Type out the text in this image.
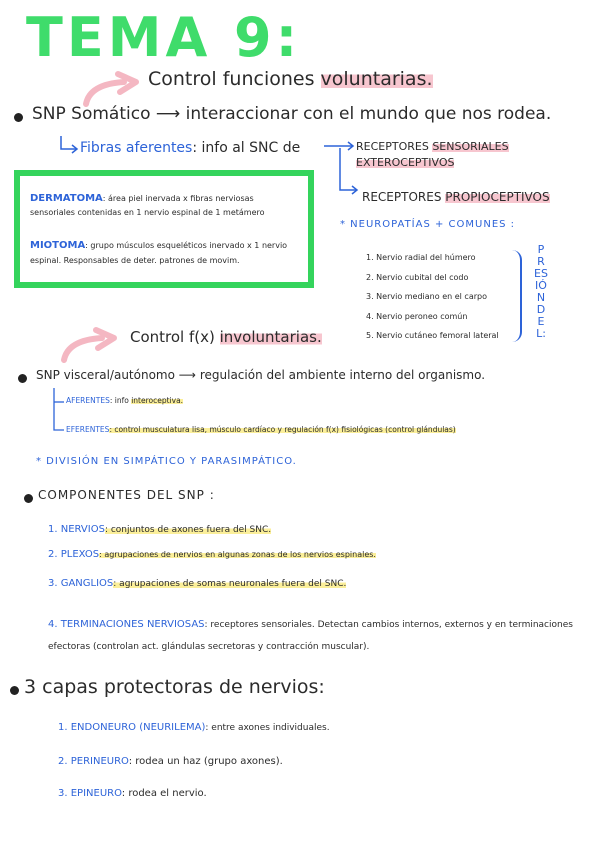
TEMA 9:
Control funciones voluntarias.
SNP Somático ⟶ interaccionar con el mundo que nos rodea.
Fibras aferentes: info al SNC de	RECEPTORES SENSORIALES
EXTEROCEPTIVOS
RECEPTORES PROPIOCEPTIVOS
DERMATOMA: área piel inervada x fibras nerviosas sensoriales contenidas en 1 nervio espinal de 1 metámero
MIOTOMA: grupo músculos esqueléticos inervado x 1 nervio espinal. Responsables de deter. patrones de movim.
* NEUROPATÍAS + COMUNES :
1. Nervio radial del húmero
2. Nervio cubital del codo
3. Nervio mediano en el carpo
4. Nervio peroneo común
5. Nervio cutáneo femoral lateral
PRESIÓN DEL:
Control f(x) involuntarias.
SNP visceral/autónomo ⟶ regulación del ambiente interno del organismo.
AFERENTES: info interoceptiva.
EFERENTES: control musculatura lisa, músculo cardíaco y regulación f(x) fisiológicas (control glándulas)
* DIVISIÓN EN SIMPÁTICO Y PARASIMPÁTICO.
COMPONENTES DEL SNP :
1. NERVIOS: conjuntos de axones fuera del SNC.
2. PLEXOS: agrupaciones de nervios en algunas zonas de los nervios espinales.
3. GANGLIOS: agrupaciones de somas neuronales fuera del SNC.
4. TERMINACIONES NERVIOSAS: receptores sensoriales. Detectan cambios internos, externos y en terminaciones efectoras (controlan act. glándulas secretoras y contracción muscular).
3 capas protectoras de nervios:
1. ENDONEURO (NEURILEMA): entre axones individuales.
2. PERINEURO: rodea un haz (grupo axones).
3. EPINEURO: rodea el nervio.
